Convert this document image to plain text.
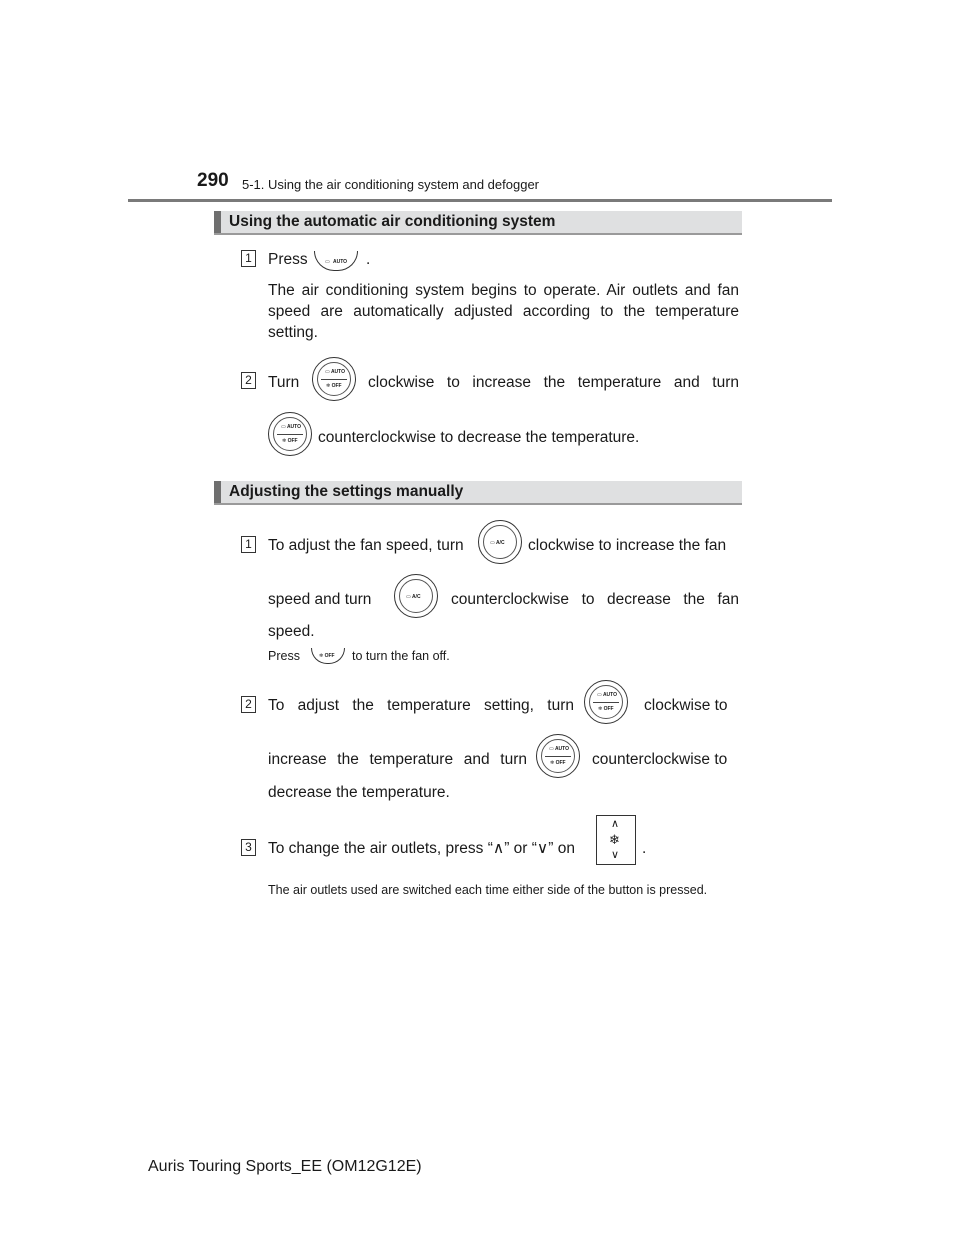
290 5-1. Using the air conditioning system and defogger
Using the automatic air conditioning system
1 Press	▭ AUTO .
The air conditioning system begins to operate. Air outlets and fan speed are automatically adjusted according to the temperature setting.
2 Turn
▭ AUTO
❄ OFF clockwise to increase the temperature and turn
▭ AUTO
❄ OFF counterclockwise to decrease the temperature.
Adjusting the settings manually
1 To adjust the fan speed, turn	▭ A/C clockwise to increase the fan
speed and turn	▭ A/C counterclockwise to decrease the fan
speed.
Press	❄ OFF to turn the fan off.
2 To adjust the temperature setting, turn
▭ AUTO
❄ OFF clockwise to
increase the temperature and turn
▭ AUTO
❄ OFF counterclockwise to
decrease the temperature.
3 To change the air outlets, press “∧” or “∨” on
∧
❄
∨ .
The air outlets used are switched each time either side of the button is pressed.
Auris Touring Sports_EE (OM12G12E)
